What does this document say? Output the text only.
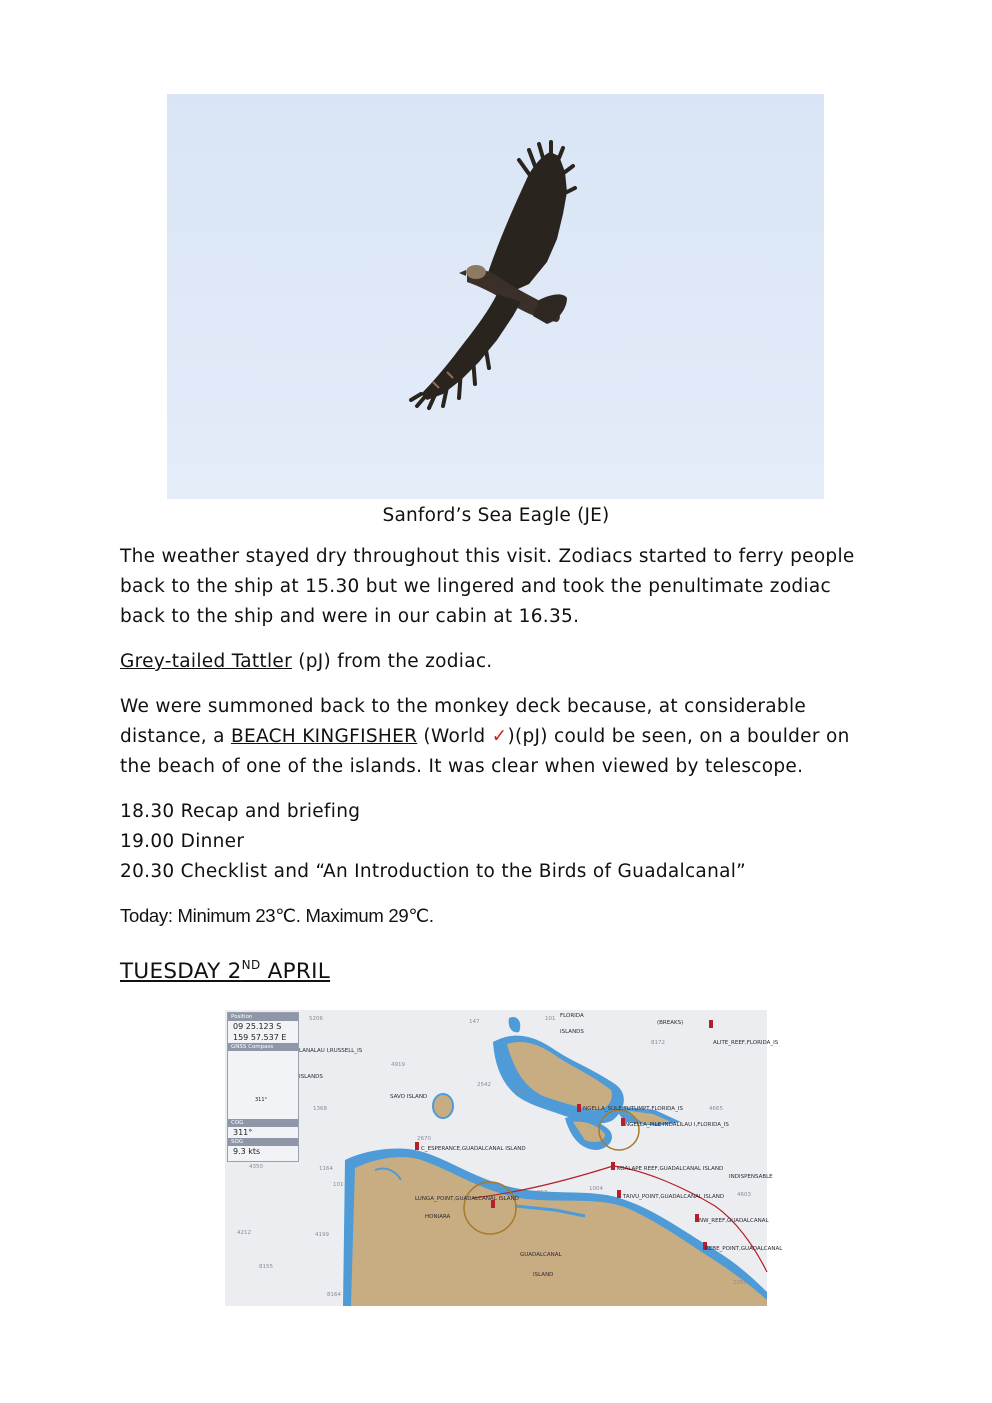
Sanford’s Sea Eagle (JE)

The weather stayed dry throughout this visit. Zodiacs started to ferry people back to the ship at 15.30 but we lingered and took the penultimate zodiac back to the ship and were in our cabin at 16.35.

Grey-tailed Tattler (pJ) from the zodiac.

We were summoned back to the monkey deck because, at considerable distance, a BEACH KINGFISHER (World ✓)(pJ) could be seen, on a boulder on the beach of one of the islands. It was clear when viewed by telescope.

18.30 Recap and briefing
19.00 Dinner
20.30 Checklist and “An Introduction to the Birds of Guadalcanal”
Today: Minimum 23℃. Maximum 29℃.
TUESDAY 2ND APRIL
Position
09 25.123 S
159 57.537 E
GNSS Compass
311°
COG
311°
SOG
9.3 kts
FLORIDA
ISLANDS
(BREAKS)
ALITE_REEF,FLORIDA_IS
NGELLA_SULE,TUTUMPT,FLORIDA_IS
NGELLA_PILE INDALILAU I,FLORIDA_IS
SAVO ISLAND
LANALAU I,RUSSELL_IS
ISLANDS
C_ESPERANCE,GUADALCANAL ISLAND
KOALAPE REEF,GUADALCANAL ISLAND
TAIVU_POINT,GUADALCANAL ISLAND
LUNGA_POINT,GUADALCANAL ISLAND
HONIARA
INDISPENSABLE
NW_REEF,GUADALCANAL
REBE_POINT,GUADALCANAL
GUADALCANAL
ISLAND
5206	147	101
8172
4919
2542
275
1368
2670
4665
1164
101
4350
4199
4212
8155
8164
4603
2059
253
1004
